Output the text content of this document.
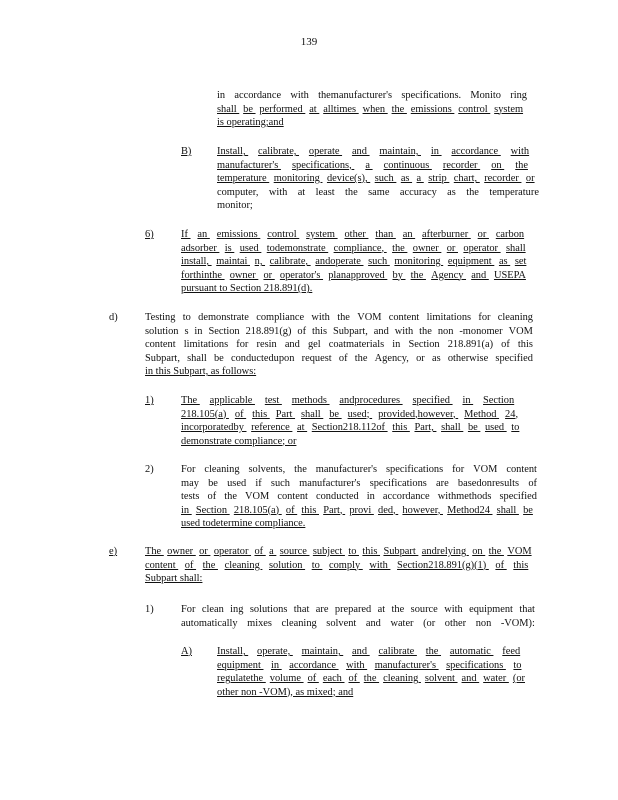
139
in accordance with themanufacturer's specifications. Monito ring
shall be performed at alltimes when the emissions control system
is operating;and
B) Install, calibrate, operate and maintain, in accordance with
manufacturer's	specifications,	a	continuous	recorder	on	the
temperature monitoring device(s), such as a strip chart, recorder or
computer, with at least the same accuracy as the temperature
monitor;
6)	If an emissions control system other than an afterburner or carbon
adsorber is used todemonstrate compliance, the owner or operator shall
install, maintai n, calibrate, andoperate such monitoring equipment as set
forthinthe owner or operator's planapproved by the Agency and USEPA
pursuant to Section 218.891(d).
d)	Testing to demonstrate compliance with the VOM content limitations for cleaning
solution s in Section 218.891(g) of this Subpart, and with the non -monomer VOM
content limitations for resin and gel coatmaterials in Section 218.891(a) of this
Subpart, shall be conductedupon request of the Agency, or as otherwise specified
in this Subpart, as follows:
1)	The applicable test methods andprocedures specified in Section
218.105(a) of this Part shall be used; provided,however, Method 24,
incorporatedby reference at Section218.112of this Part, shall be used to
demonstrate compliance; or
2)	For cleaning solvents, the manufacturer's specifications for VOM content
may be used if such manufacturer's specifications are basedonresults of
tests of the VOM content conducted in accordance withmethods specified
in Section 218.105(a) of this Part, provi ded, however, Method24 shall be
used todetermine compliance.
e)	The owner or operator of a source subject to this Subpart andrelying on the VOM
content of the cleaning solution to comply with Section218.891(g)(1) of this
Subpart shall:
1)	For clean ing solutions that are prepared at the source with equipment that
automatically mixes cleaning solvent and water (or other non -VOM):
A) Install, operate, maintain, and calibrate the automatic feed
equipment in accordance with manufacturer's specifications to
regulatethe volume of each of the cleaning solvent and water (or
other non -VOM), as mixed; and
